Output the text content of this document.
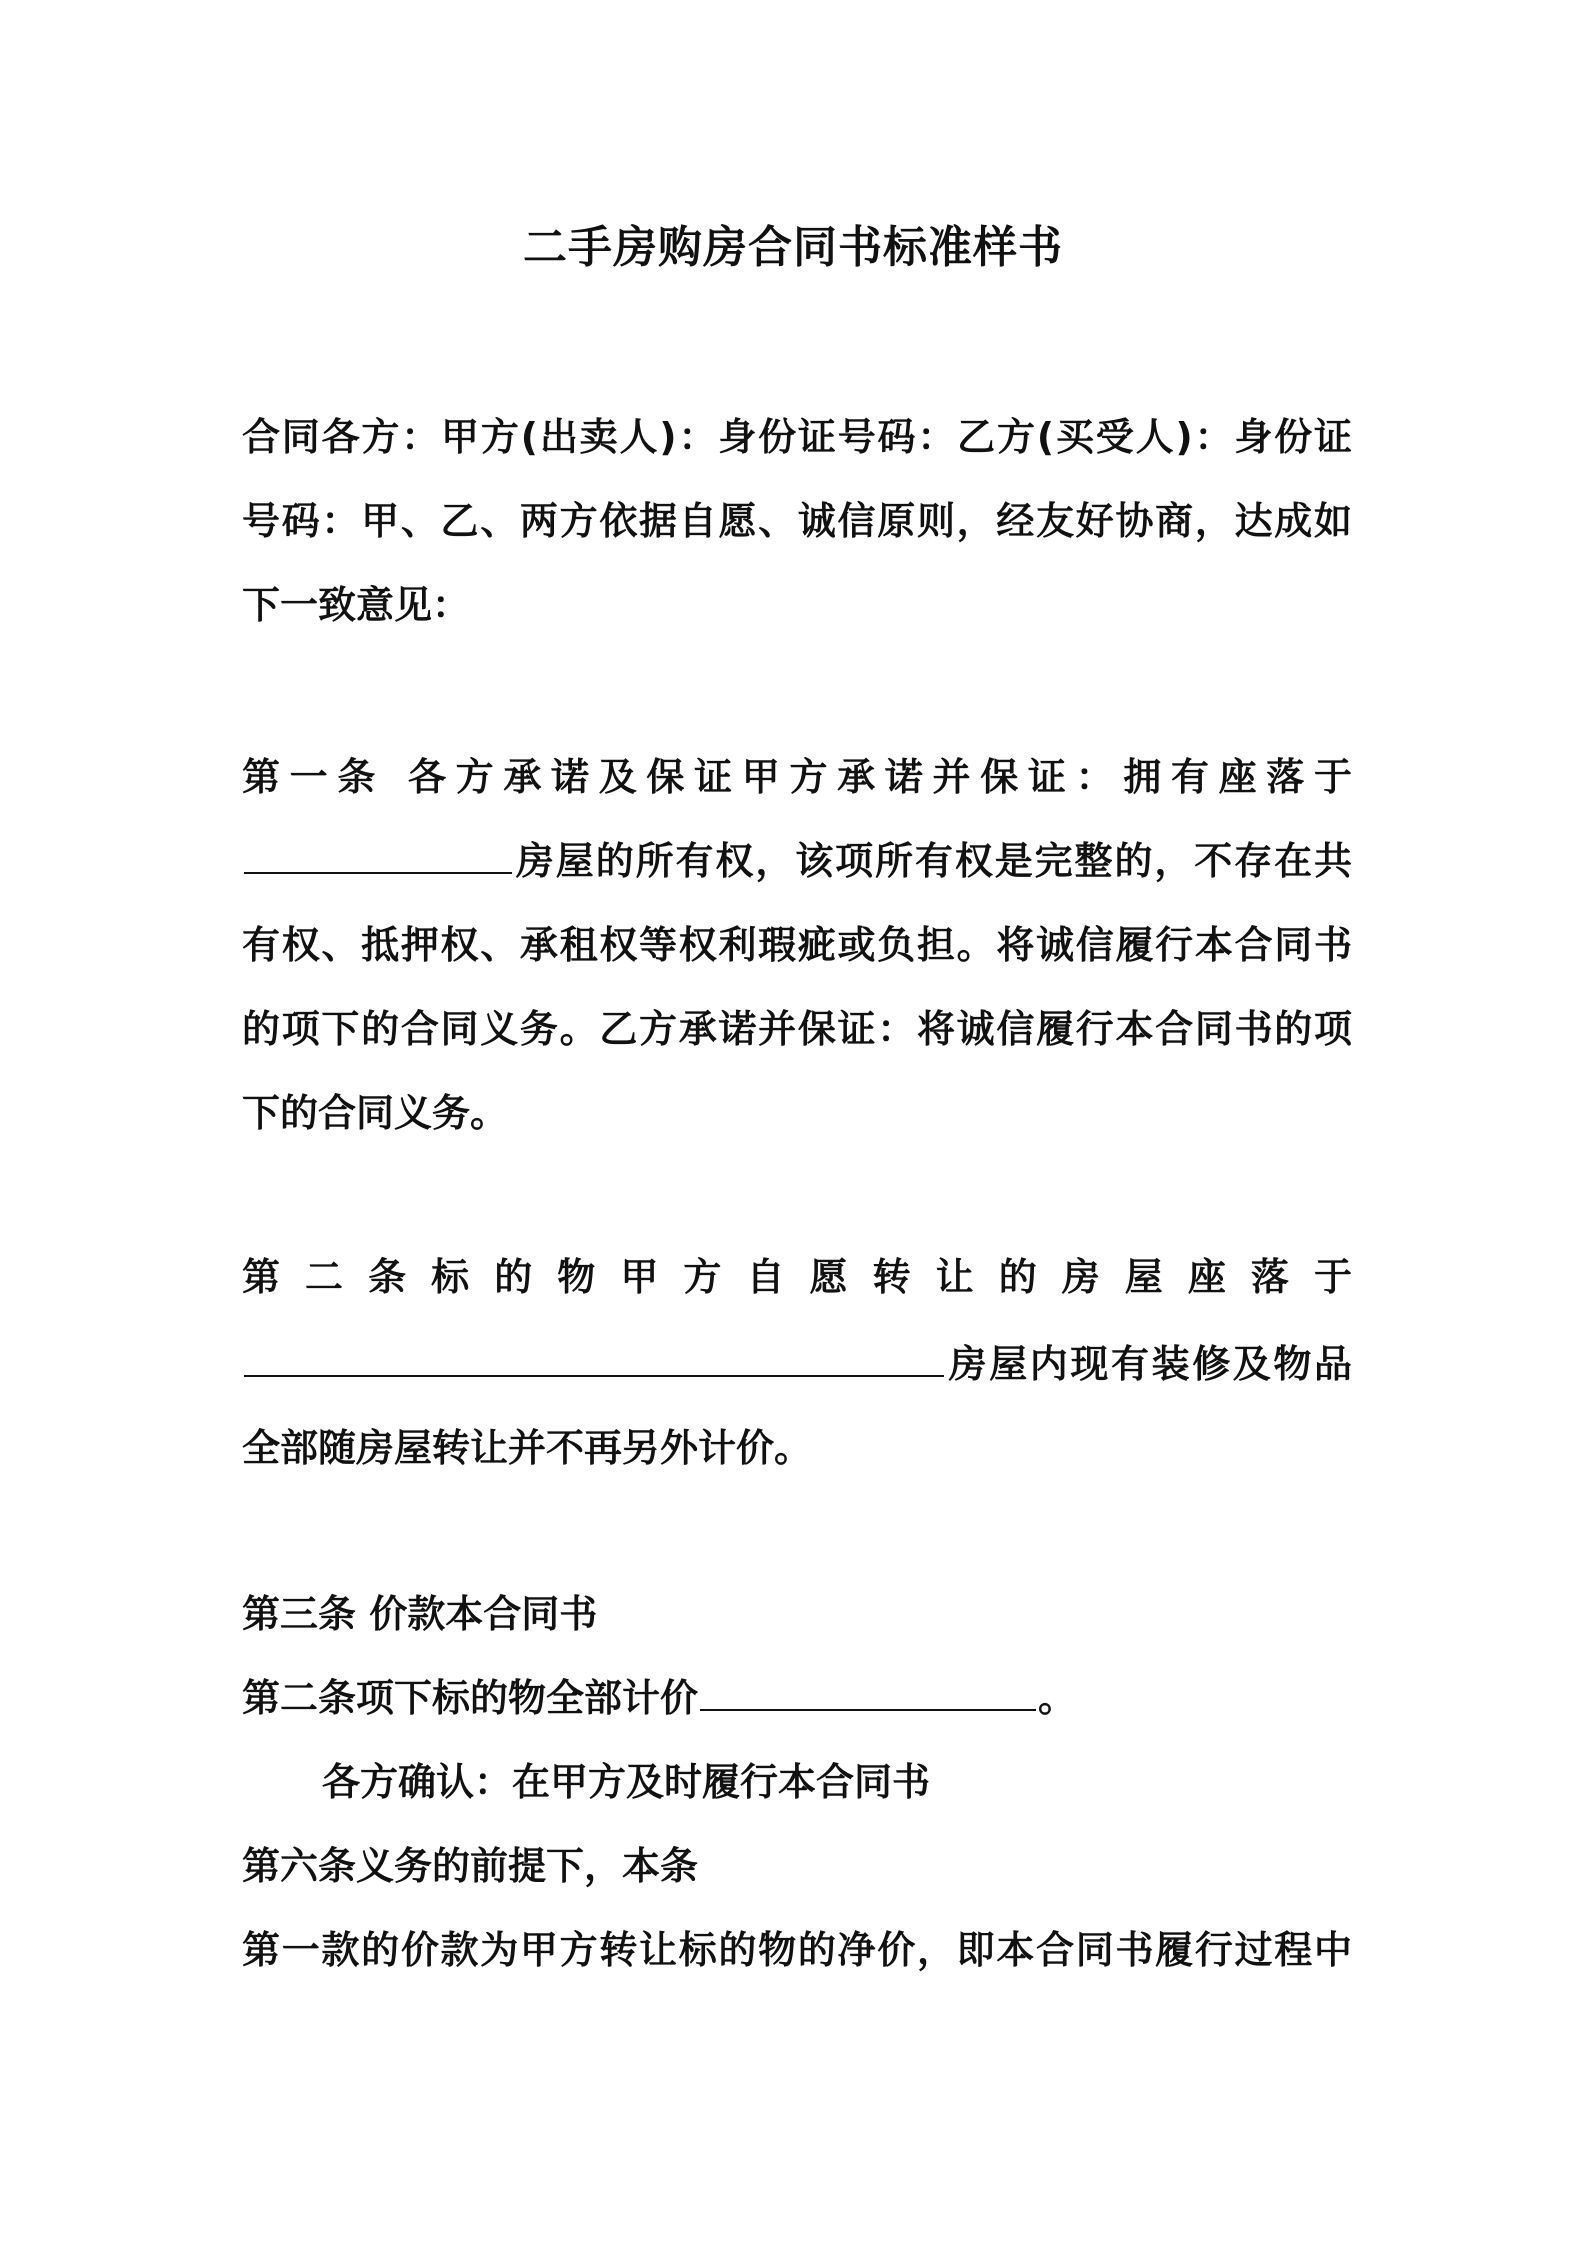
二手房购房合同书标准样书
合同各方：甲方(出卖人)：身份证号码：乙方(买受人)：身份证
号码：甲、乙、两方依据自愿、诚信原则，经友好协商，达成如
下一致意见：
第一条 各方承诺及保证甲方承诺并保证：拥有座落于
房屋的所有权，该项所有权是完整的，不存在共
有权、抵押权、承租权等权利瑕疵或负担。将诚信履行本合同书
的项下的合同义务。乙方承诺并保证：将诚信履行本合同书的项
下的合同义务。
第二条标的物甲方自愿转让的房屋座落于
房屋内现有装修及物品
全部随房屋转让并不再另外计价。
第三条 价款本合同书
第二条项下标的物全部计价	。
各方确认：在甲方及时履行本合同书
第六条义务的前提下，本条
第一款的价款为甲方转让标的物的净价，即本合同书履行过程中
